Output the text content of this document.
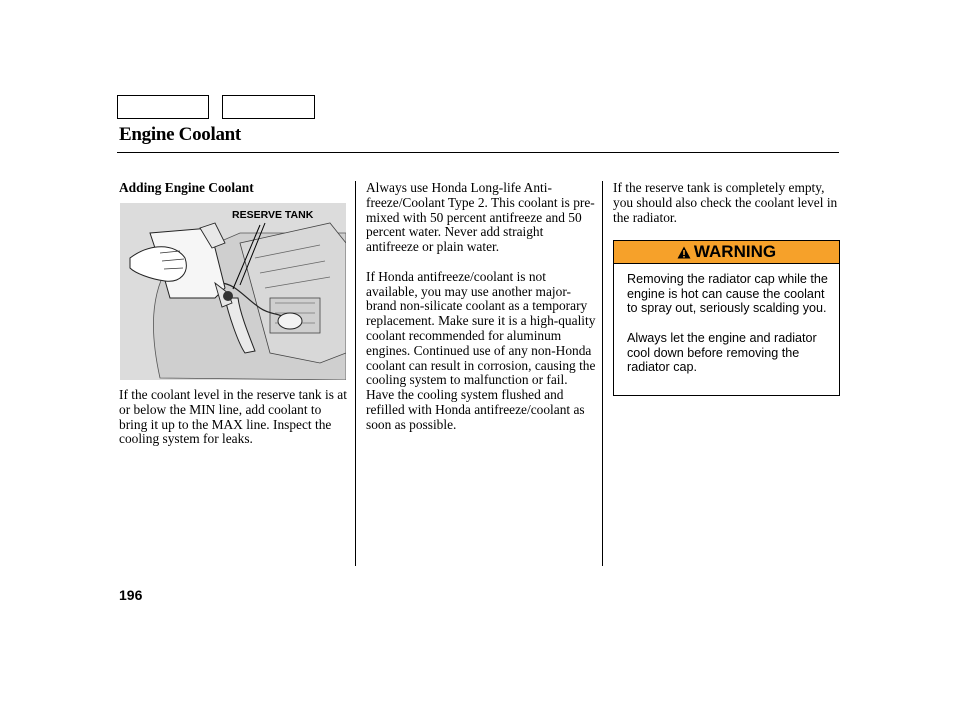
Engine Coolant
Adding Engine Coolant
RESERVE TANK
If the coolant level in the reserve tank is at or below the MIN line, add coolant to bring it up to the MAX line. Inspect the cooling system for leaks.

Always use Honda Long-life Anti-freeze/Coolant Type 2. This coolant is pre-mixed with 50 percent antifreeze and 50 percent water. Never add straight antifreeze or plain water.

If Honda antifreeze/coolant is not available, you may use another major-brand non-silicate coolant as a temporary replacement. Make sure it is a high-quality coolant recommended for aluminum engines. Continued use of any non-Honda coolant can result in corrosion, causing the cooling system to malfunction or fail. Have the cooling system flushed and refilled with Honda antifreeze/coolant as soon as possible.

If the reserve tank is completely empty, you should also check the coolant level in the radiator.

WARNING

Removing the radiator cap while the engine is hot can cause the coolant to spray out, seriously scalding you.

Always let the engine and radiator cool down before removing the radiator cap.

196
